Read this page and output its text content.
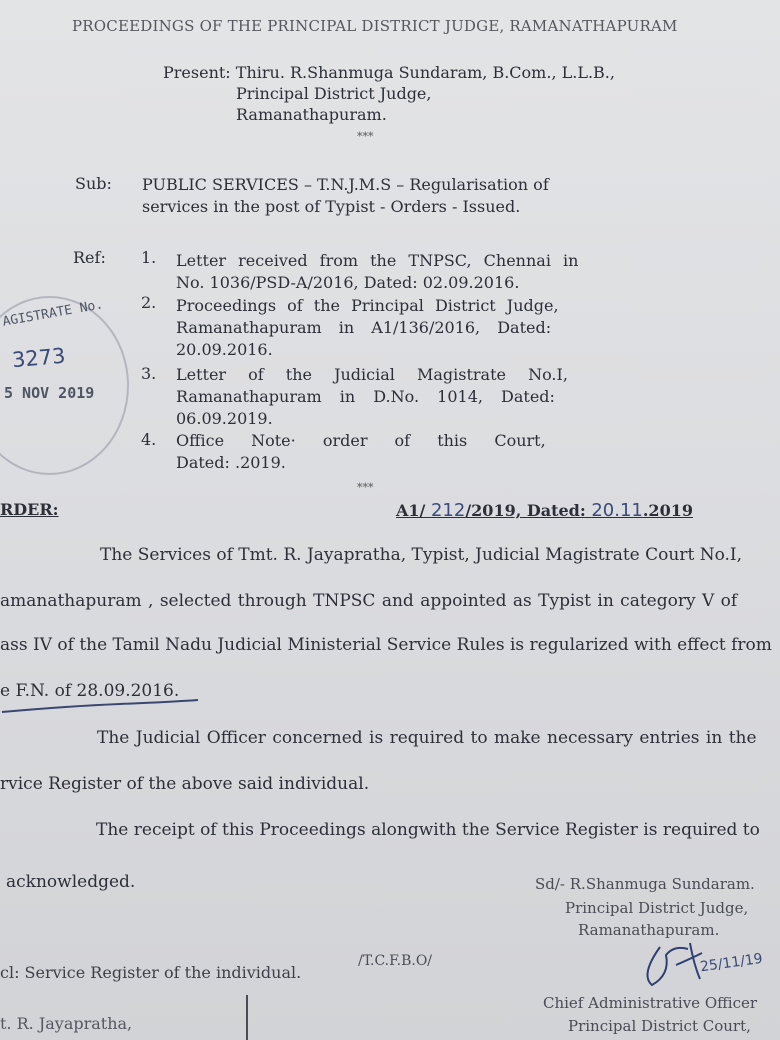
PROCEEDINGS OF THE PRINCIPAL DISTRICT JUDGE, RAMANATHAPURAM
Present: Thiru. R.Shanmuga Sundaram, B.Com., L.L.B.,
Principal District Judge,
Ramanathapuram.
***
Sub: PUBLIC SERVICES – T.N.J.M.S – Regularisation of
services in the post of Typist - Orders - Issued.
Ref: 1. Letter received from the TNPSC, Chennai in
No. 1036/PSD-A/2016, Dated: 02.09.2016.
2. Proceedings of the Principal District Judge,
Ramanathapuram in A1/136/2016, Dated:
20.09.2016.
3. Letter of the Judicial Magistrate No.I,
Ramanathapuram in D.No. 1014, Dated:
06.09.2019.
4. Office Note· order of this Court,
Dated: .2019.
***
AGISTRATE No.
3273
5 NOV 2019
RDER:	A1/ 212/2019, Dated: 20.11.2019
The Services of Tmt. R. Jayapratha, Typist, Judicial Magistrate Court No.I,
amanathapuram , selected through TNPSC and appointed as Typist in category V of
ass IV of the Tamil Nadu Judicial Ministerial Service Rules is regularized with effect from
e F.N. of 28.09.2016.
The Judicial Officer concerned is required to make necessary entries in the
rvice Register of the above said individual.
The receipt of this Proceedings alongwith the Service Register is required to
acknowledged.	Sd/- R.Shanmuga Sundaram.
Principal District Judge,
Ramanathapuram.
/T.C.F.B.O/	25/11/19
Chief Administrative Officer
Principal District Court,
cl: Service Register of the individual.
t. R. Jayapratha,
